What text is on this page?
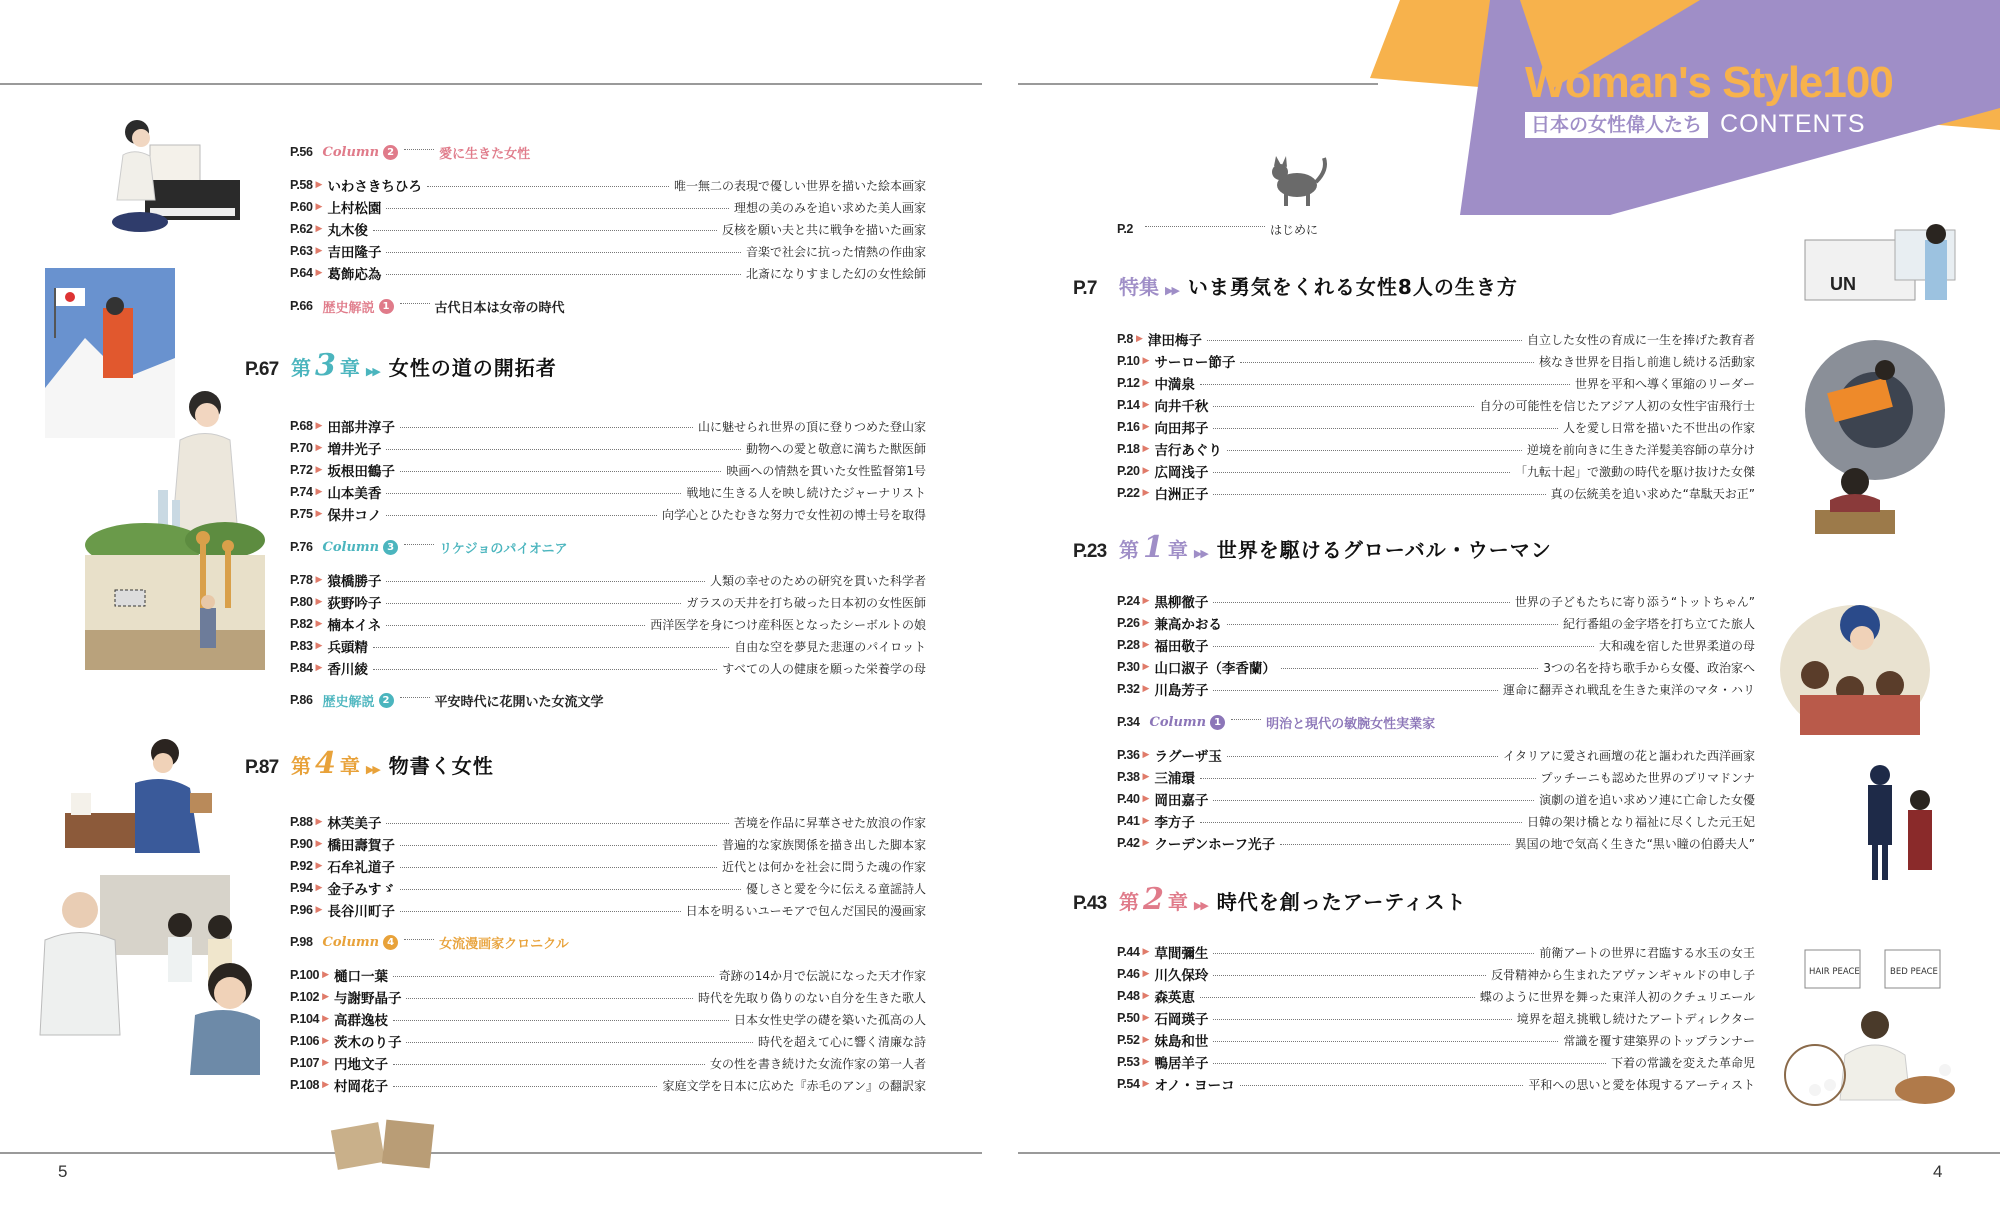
Woman's Style100
日本の女性偉人たち CONTENTS
5	4
P.56 Column 2	愛に生きた女性
P.58 ▶ いわさきちひろ	唯一無二の表現で優しい世界を描いた絵本画家
P.60 ▶ 上村松園	理想の美のみを追い求めた美人画家
P.62 ▶ 丸木俊	反核を願い夫と共に戦争を描いた画家
P.63 ▶ 吉田隆子	音楽で社会に抗った情熱の作曲家
P.64 ▶ 葛飾応為	北斎になりすました幻の女性絵師
P.66 歴史解説 1	古代日本は女帝の時代
P.67 第 3 章 ▶▶ 女性の道の開拓者
P.68 ▶ 田部井淳子	山に魅せられ世界の頂に登りつめた登山家
P.70 ▶ 増井光子	動物への愛と敬意に満ちた獣医師
P.72 ▶ 坂根田鶴子	映画への情熱を貫いた女性監督第1号
P.74 ▶ 山本美香	戦地に生きる人を映し続けたジャーナリスト
P.75 ▶ 保井コノ	向学心とひたむきな努力で女性初の博士号を取得
P.76 Column 3	リケジョのパイオニア
P.78 ▶ 猿橋勝子	人類の幸せのための研究を貫いた科学者
P.80 ▶ 荻野吟子	ガラスの天井を打ち破った日本初の女性医師
P.82 ▶ 楠本イネ	西洋医学を身につけ産科医となったシーボルトの娘
P.83 ▶ 兵頭精	自由な空を夢見た悲運のパイロット
P.84 ▶ 香川綾	すべての人の健康を願った栄養学の母
P.86 歴史解説 2	平安時代に花開いた女流文学
P.87 第 4 章 ▶▶ 物書く女性
P.88 ▶ 林芙美子	苦境を作品に昇華させた放浪の作家
P.90 ▶ 橋田壽賀子	普遍的な家族関係を描き出した脚本家
P.92 ▶ 石牟礼道子	近代とは何かを社会に問うた魂の作家
P.94 ▶ 金子みすゞ	優しさと愛を今に伝える童謡詩人
P.96 ▶ 長谷川町子	日本を明るいユーモアで包んだ国民的漫画家
P.98 Column 4	女流漫画家クロニクル
P.100 ▶ 樋口一葉	奇跡の14か月で伝説になった天才作家
P.102 ▶ 与謝野晶子	時代を先取り偽りのない自分を生きた歌人
P.104 ▶ 高群逸枝	日本女性史学の礎を築いた孤高の人
P.106 ▶ 茨木のり子	時代を超えて心に響く清廉な詩
P.107 ▶ 円地文子	女の性を書き続けた女流作家の第一人者
P.108 ▶ 村岡花子	家庭文学を日本に広めた『赤毛のアン』の翻訳家
P.2	はじめに
P.7	特集 ▶▶ いま勇気をくれる女性8人の生き方
P.8 ▶ 津田梅子	自立した女性の育成に一生を捧げた教育者
P.10 ▶ サーロー節子	核なき世界を目指し前進し続ける活動家
P.12 ▶ 中満泉	世界を平和へ導く軍縮のリーダー
P.14 ▶ 向井千秋	自分の可能性を信じたアジア人初の女性宇宙飛行士
P.16 ▶ 向田邦子	人を愛し日常を描いた不世出の作家
P.18 ▶ 吉行あぐり	逆境を前向きに生きた洋髪美容師の草分け
P.20 ▶ 広岡浅子	「九転十起」で激動の時代を駆け抜けた女傑
P.22 ▶ 白洲正子	真の伝統美を追い求めた“韋駄天お正”
P.23 第 1 章 ▶▶ 世界を駆けるグローバル・ウーマン
P.24 ▶ 黒柳徹子	世界の子どもたちに寄り添う“トットちゃん”
P.26 ▶ 兼高かおる	紀行番組の金字塔を打ち立てた旅人
P.28 ▶ 福田敬子	大和魂を宿した世界柔道の母
P.30 ▶ 山口淑子（李香蘭）	3つの名を持ち歌手から女優、政治家へ
P.32 ▶ 川島芳子	運命に翻弄され戦乱を生きた東洋のマタ・ハリ
P.34 Column 1	明治と現代の敏腕女性実業家
P.36 ▶ ラグーザ玉	イタリアに愛され画壇の花と謳われた西洋画家
P.38 ▶ 三浦環	プッチーニも認めた世界のプリマドンナ
P.40 ▶ 岡田嘉子	演劇の道を追い求めソ連に亡命した女優
P.41 ▶ 李方子	日韓の架け橋となり福祉に尽くした元王妃
P.42 ▶ クーデンホーフ光子	異国の地で気高く生きた“黒い瞳の伯爵夫人”
P.43 第 2 章 ▶▶ 時代を創ったアーティスト
P.44 ▶ 草間彌生	前衛アートの世界に君臨する水玉の女王
P.46 ▶ 川久保玲	反骨精神から生まれたアヴァンギャルドの申し子
P.48 ▶ 森英恵	蝶のように世界を舞った東洋人初のクチュリエール
P.50 ▶ 石岡瑛子	境界を超え挑戦し続けたアートディレクター
P.52 ▶ 妹島和世	常識を覆す建築界のトップランナー
P.53 ▶ 鴨居羊子	下着の常識を変えた革命児
P.54 ▶ オノ・ヨーコ	平和への思いと愛を体現するアーティスト
UN
HAIR PEACE	BED PEACE
